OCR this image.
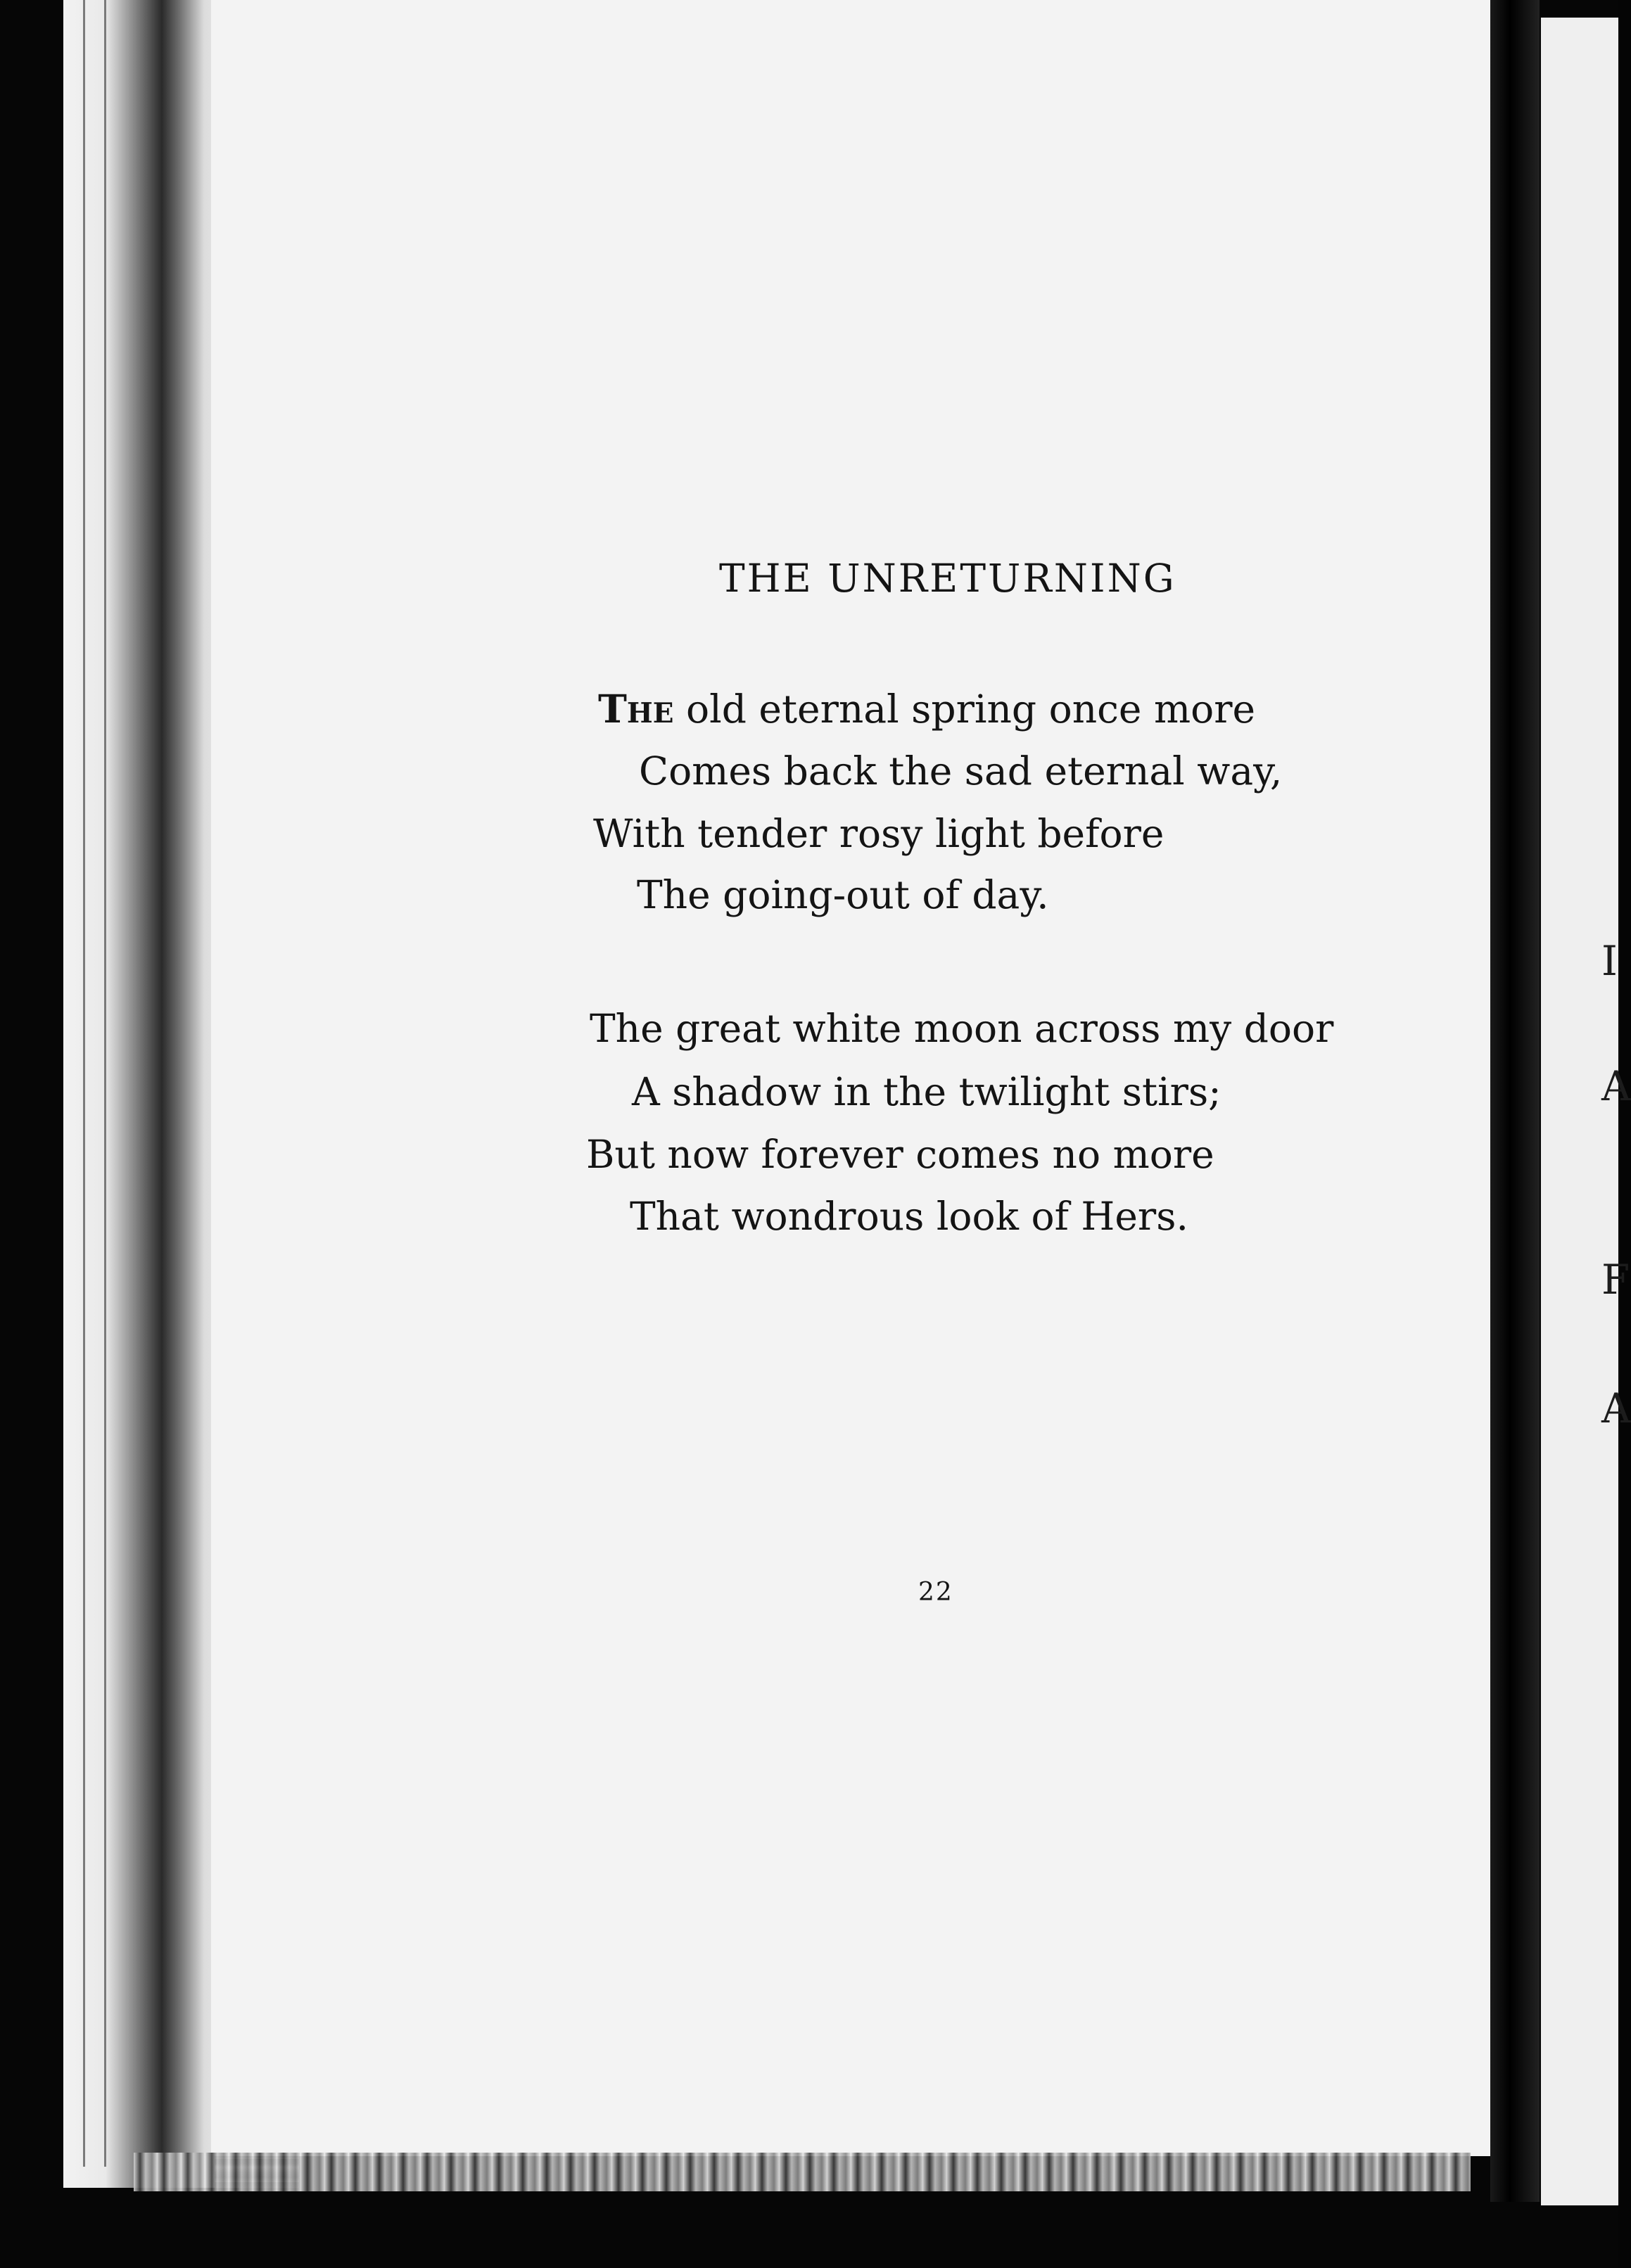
I
A
F
A
THE UNRETURNING
The old eternal spring once more
Comes back the sad eternal way,
With tender rosy light before
The going-out of day.
The great white moon across my door
A shadow in the twilight stirs;
But now forever comes no more
That wondrous look of Hers.
22
